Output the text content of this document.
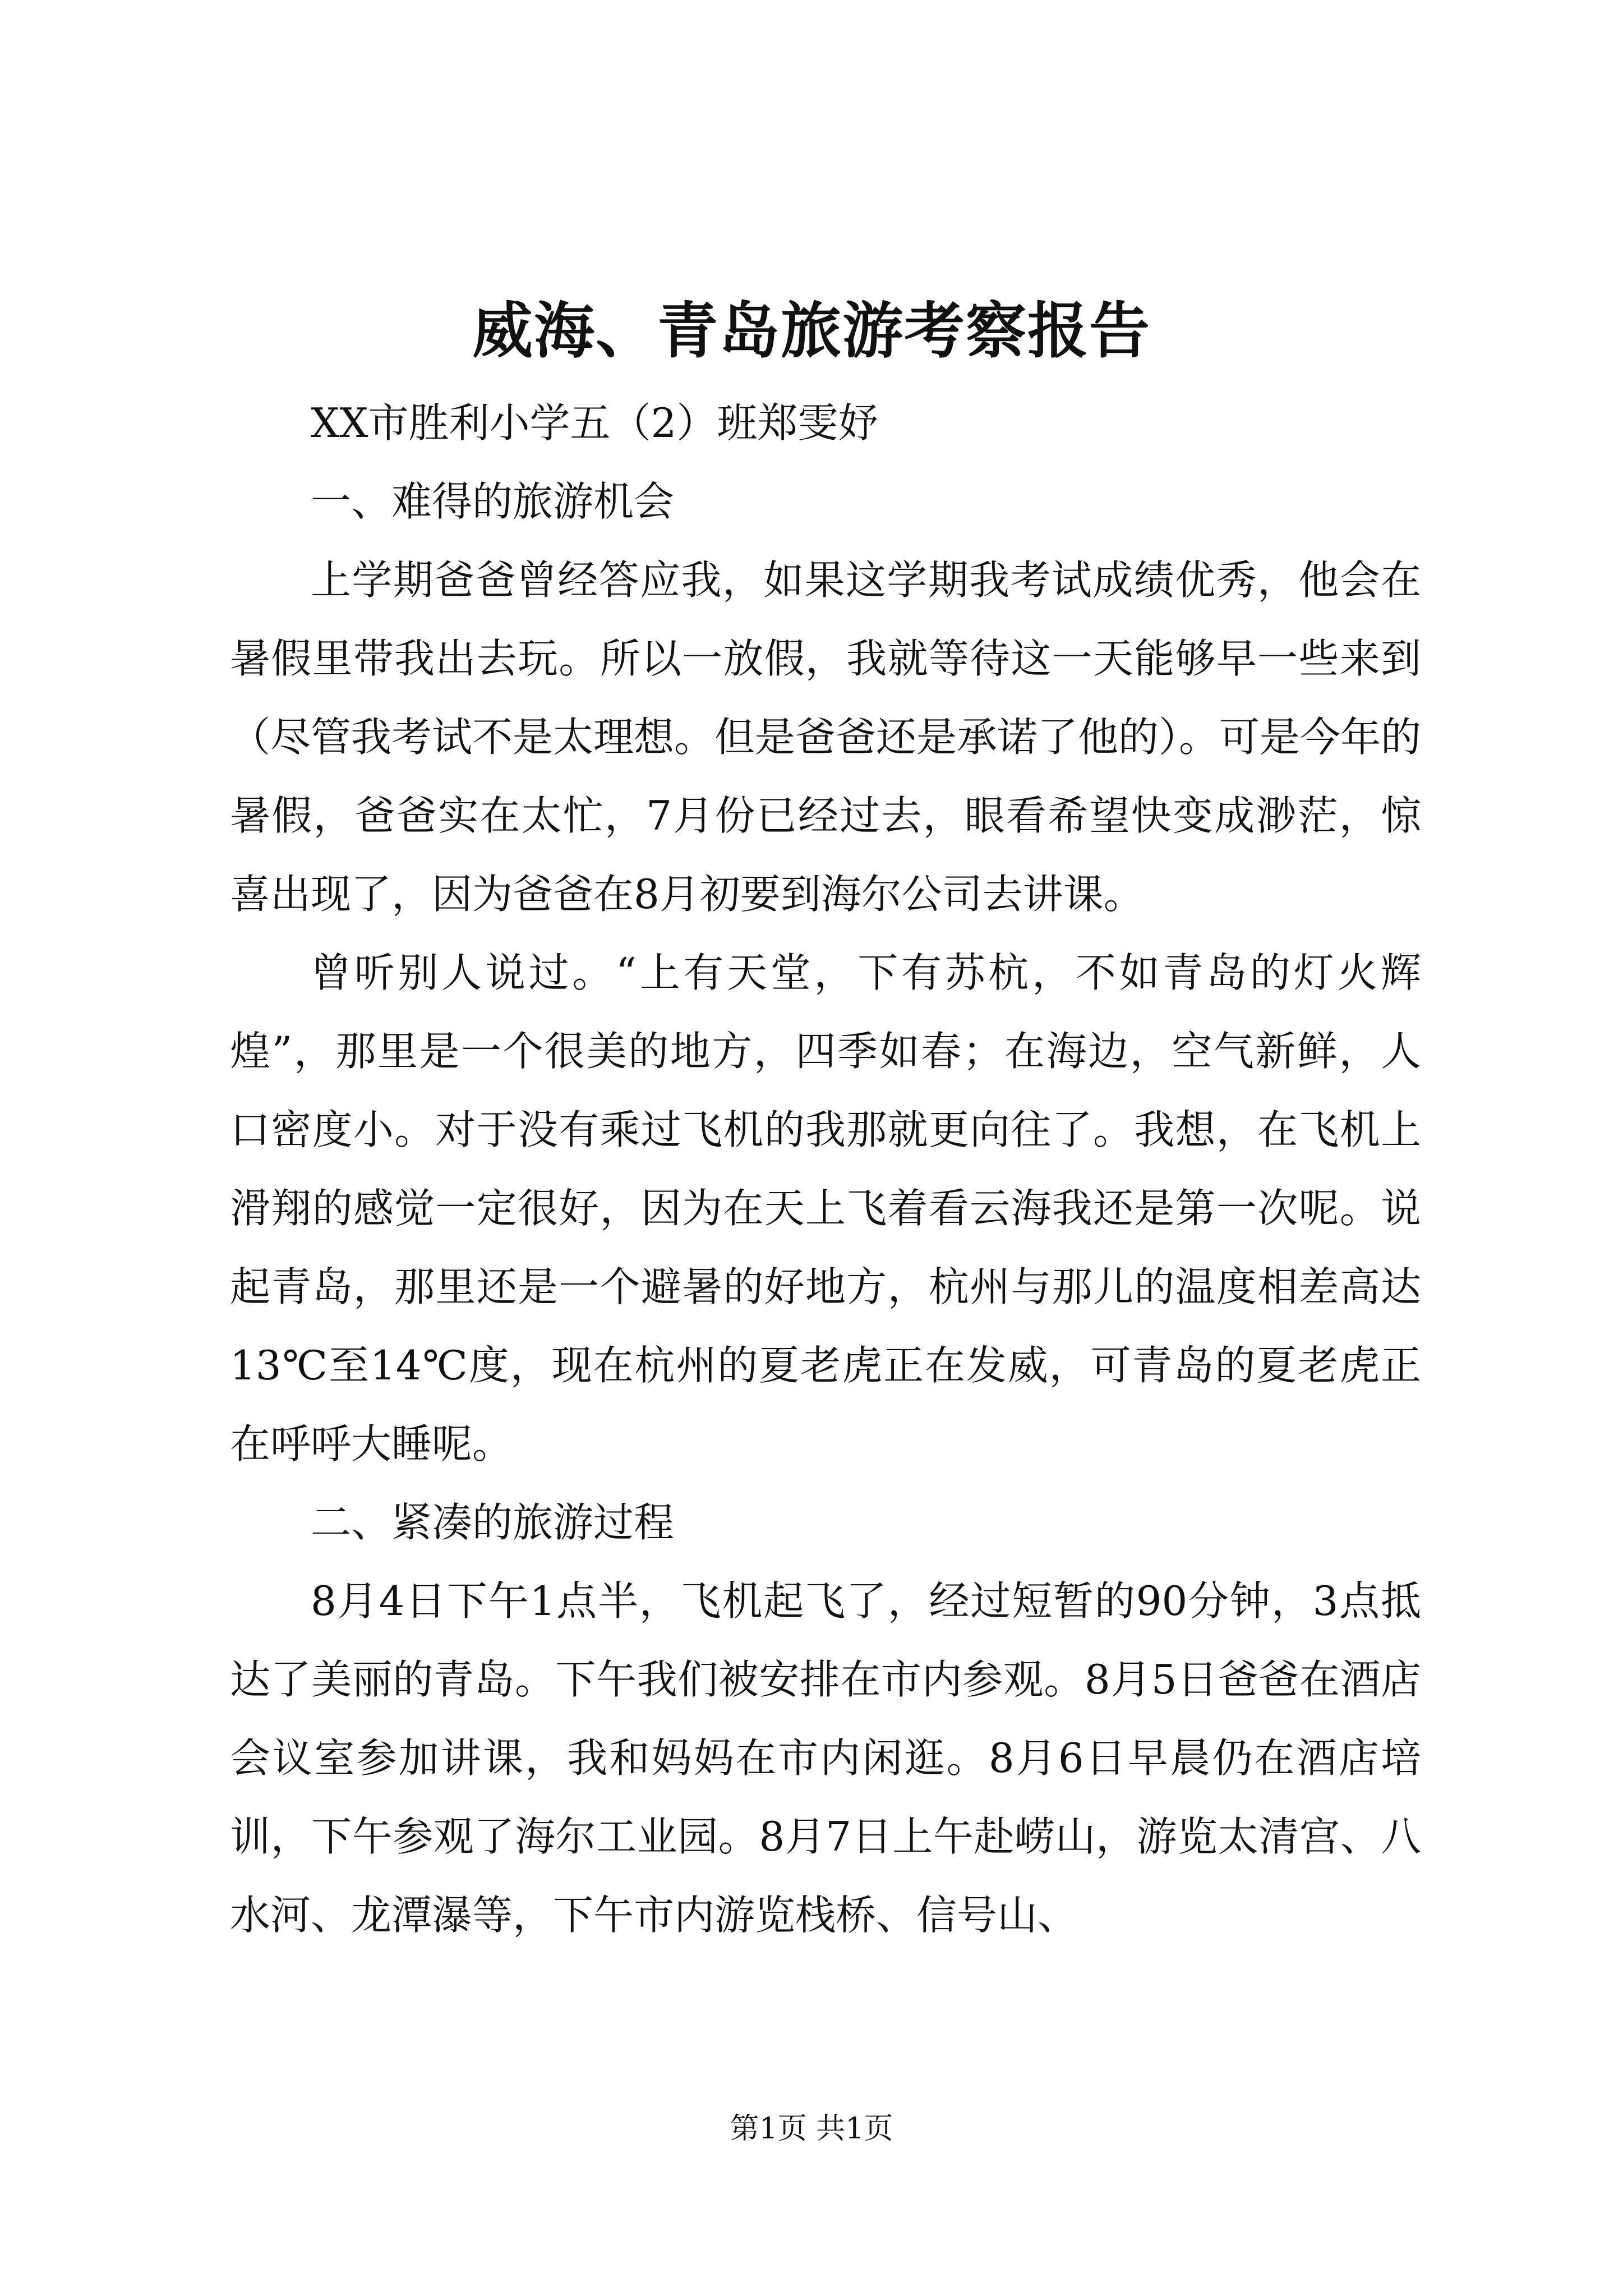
威海、青岛旅游考察报告

XX市胜利小学五（2）班郑雯妤

一、难得的旅游机会

上学期爸爸曾经答应我，如果这学期我考试成绩优秀，他会在暑假里带我出去玩。所以一放假，我就等待这一天能够早一些来到（尽管我考试不是太理想。但是爸爸还是承诺了他的）。可是今年的暑假，爸爸实在太忙，7月份已经过去，眼看希望快变成渺茫，惊喜出现了，因为爸爸在8月初要到海尔公司去讲课。

曾听别人说过。“上有天堂，下有苏杭，不如青岛的灯火辉煌”，那里是一个很美的地方，四季如春；在海边，空气新鲜，人口密度小。对于没有乘过飞机的我那就更向往了。我想，在飞机上滑翔的感觉一定很好，因为在天上飞着看云海我还是第一次呢。说起青岛，那里还是一个避暑的好地方，杭州与那儿的温度相差高达13℃至14℃度，现在杭州的夏老虎正在发威，可青岛的夏老虎正在呼呼大睡呢。

二、紧凑的旅游过程

8月4日下午1点半，飞机起飞了，经过短暂的90分钟，3点抵达了美丽的青岛。下午我们被安排在市内参观。8月5日爸爸在酒店会议室参加讲课，我和妈妈在市内闲逛。8月6日早晨仍在酒店培训，下午参观了海尔工业园。8月7日上午赴崂山，游览太清宫、八水河、龙潭瀑等，下午市内游览栈桥、信号山、

第1页 共1页
